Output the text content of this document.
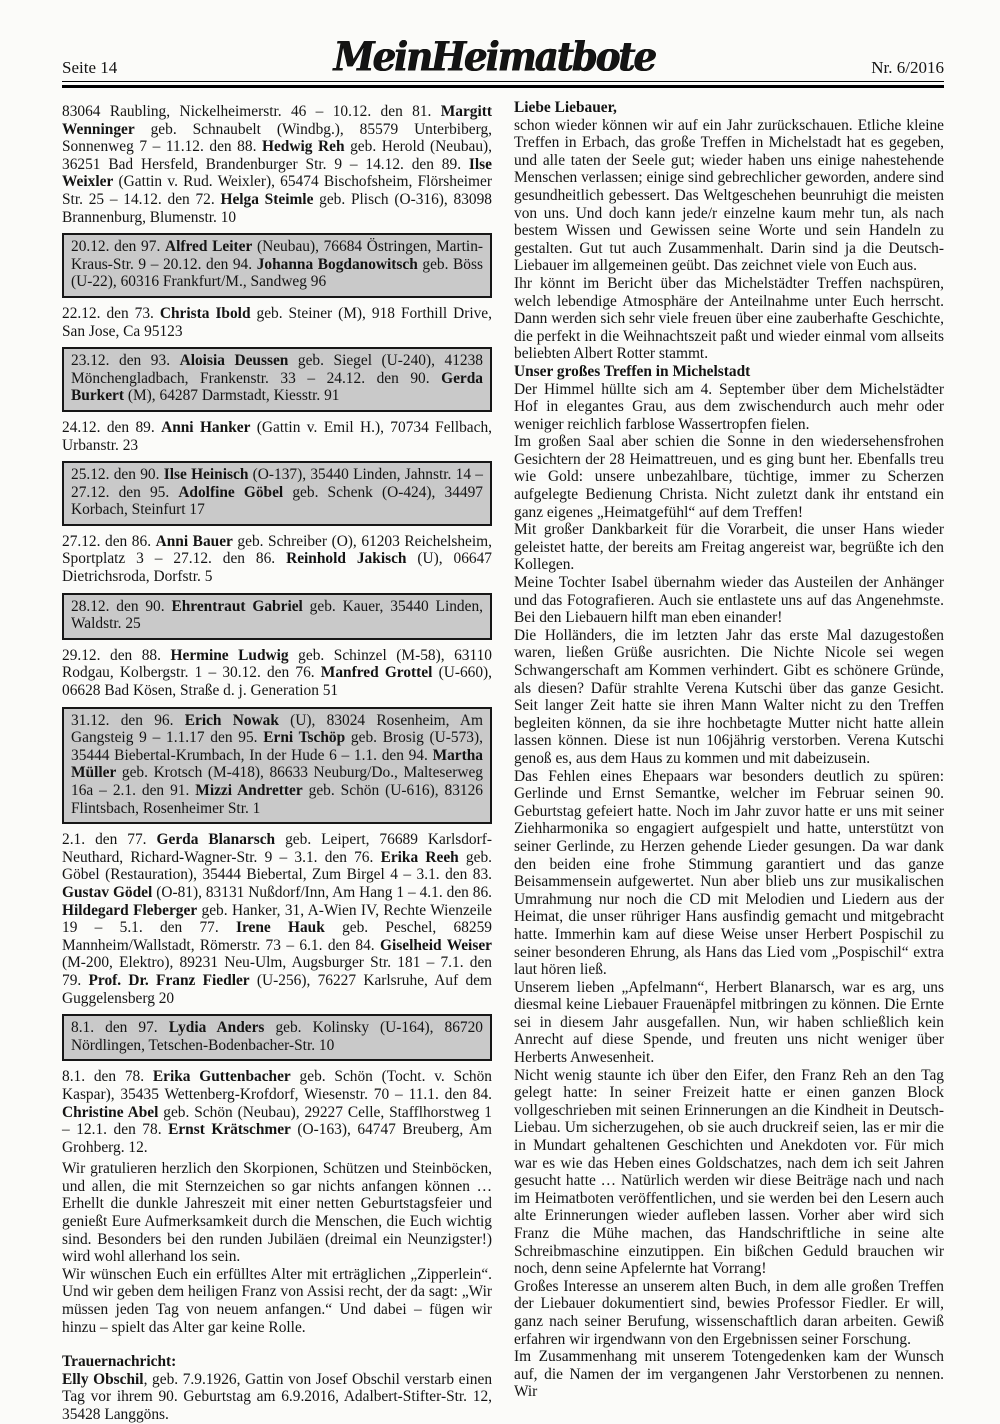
Seite 14	MeinHeimatbote	Nr. 6/2016

83064 Raubling, Nickelheimerstr. 46 – 10.12. den 81. Margitt Wenninger geb. Schnaubelt (Windbg.), 85579 Unterbiberg, Sonnenweg 7 – 11.12. den 88. Hedwig Reh geb. Herold (Neubau), 36251 Bad Hersfeld, Brandenburger Str. 9 – 14.12. den 89. Ilse Weixler (Gattin v. Rud. Weixler), 65474 Bischofsheim, Flörsheimer Str. 25 – 14.12. den 72. Helga Steimle geb. Plisch (O-316), 83098 Brannenburg, Blumenstr. 10

20.12. den 97. Alfred Leiter (Neubau), 76684 Östringen, Martin-Kraus-Str. 9 – 20.12. den 94. Johanna Bogdanowitsch geb. Böss (U-22), 60316 Frankfurt/M., Sandweg 96

22.12. den 73. Christa Ibold geb. Steiner (M), 918 Forthill Drive, San Jose, Ca 95123

23.12. den 93. Aloisia Deussen geb. Siegel (U-240), 41238 Mönchengladbach, Frankenstr. 33 – 24.12. den 90. Gerda Burkert (M), 64287 Darmstadt, Kiesstr. 91

24.12. den 89. Anni Hanker (Gattin v. Emil H.), 70734 Fellbach, Urbanstr. 23

25.12. den 90. Ilse Heinisch (O-137), 35440 Linden, Jahnstr. 14 – 27.12. den 95. Adolfine Göbel geb. Schenk (O-424), 34497 Korbach, Steinfurt 17

27.12. den 86. Anni Bauer geb. Schreiber (O), 61203 Reichelsheim, Sportplatz 3 – 27.12. den 86. Reinhold Jakisch (U), 06647 Dietrichsroda, Dorfstr. 5

28.12. den 90. Ehrentraut Gabriel geb. Kauer, 35440 Linden, Waldstr. 25

29.12. den 88. Hermine Ludwig geb. Schinzel (M-58), 63110 Rodgau, Kolbergstr. 1 – 30.12. den 76. Manfred Grottel (U-660), 06628 Bad Kösen, Straße d. j. Generation 51

31.12. den 96. Erich Nowak (U), 83024 Rosenheim, Am Gangsteig 9 – 1.1.17 den 95. Erni Tschöp geb. Brosig (U-573), 35444 Biebertal-Krumbach, In der Hude 6 – 1.1. den 94. Martha Müller geb. Krotsch (M-418), 86633 Neuburg/Do., Malteserweg 16a – 2.1. den 91. Mizzi Andretter geb. Schön (U-616), 83126 Flintsbach, Rosenheimer Str. 1

2.1. den 77. Gerda Blanarsch geb. Leipert, 76689 Karlsdorf-Neuthard, Richard-Wagner-Str. 9 – 3.1. den 76. Erika Reeh geb. Göbel (Restauration), 35444 Biebertal, Zum Birgel 4 – 3.1. den 83. Gustav Gödel (O-81), 83131 Nußdorf/Inn, Am Hang 1 – 4.1. den 86. Hildegard Fleberger geb. Hanker, 31, A-Wien IV, Rechte Wienzeile 19 – 5.1. den 77. Irene Hauk geb. Peschel, 68259 Mannheim/Wallstadt, Römerstr. 73 – 6.1. den 84. Giselheid Weiser (M-200, Elektro), 89231 Neu-Ulm, Augsburger Str. 181 – 7.1. den 79. Prof. Dr. Franz Fiedler (U-256), 76227 Karlsruhe, Auf dem Guggelensberg 20

8.1. den 97. Lydia Anders geb. Kolinsky (U-164), 86720 Nördlingen, Tetschen-Bodenbacher-Str. 10

8.1. den 78. Erika Guttenbacher geb. Schön (Tocht. v. Schön Kaspar), 35435 Wettenberg-Krofdorf, Wiesenstr. 70 – 11.1. den 84. Christine Abel geb. Schön (Neubau), 29227 Celle, Stafflhorstweg 1 – 12.1. den 78. Ernst Krätschmer (O-163), 64747 Breuberg, Am Grohberg. 12.

Wir gratulieren herzlich den Skorpionen, Schützen und Steinböcken, und allen, die mit Sternzeichen so gar nichts anfangen können … Erhellt die dunkle Jahreszeit mit einer netten Geburtstagsfeier und genießt Eure Aufmerksamkeit durch die Menschen, die Euch wichtig sind. Besonders bei den runden Jubiläen (dreimal ein Neunzigster!) wird wohl allerhand los sein.

Wir wünschen Euch ein erfülltes Alter mit erträglichen „Zipperlein“. Und wir geben dem heiligen Franz von Assisi recht, der da sagt: „Wir müssen jeden Tag von neuem anfangen.“ Und dabei – fügen wir hinzu – spielt das Alter gar keine Rolle.

Trauernachricht:

Elly Obschil, geb. 7.9.1926, Gattin von Josef Obschil verstarb einen Tag vor ihrem 90. Geburtstag am 6.9.2016, Adalbert-Stifter-Str. 12, 35428 Langgöns.

Liebe Liebauer,

schon wieder können wir auf ein Jahr zurückschauen. Etliche kleine Treffen in Erbach, das große Treffen in Michelstadt hat es gegeben, und alle taten der Seele gut; wieder haben uns einige nahestehende Menschen verlassen; einige sind gebrechlicher geworden, andere sind gesundheitlich gebessert. Das Weltgeschehen beunruhigt die meisten von uns. Und doch kann jede/r einzelne kaum mehr tun, als nach bestem Wissen und Gewissen seine Worte und sein Handeln zu gestalten. Gut tut auch Zusammenhalt. Darin sind ja die Deutsch-Liebauer im allgemeinen geübt. Das zeichnet viele von Euch aus.

Ihr könnt im Bericht über das Michelstädter Treffen nachspüren, welch lebendige Atmosphäre der Anteilnahme unter Euch herrscht. Dann werden sich sehr viele freuen über eine zauberhafte Geschichte, die perfekt in die Weihnachtszeit paßt und wieder einmal vom allseits beliebten Albert Rotter stammt.

Unser großes Treffen in Michelstadt

Der Himmel hüllte sich am 4. September über dem Michelstädter Hof in elegantes Grau, aus dem zwischendurch auch mehr oder weniger reichlich farblose Wassertropfen fielen.

Im großen Saal aber schien die Sonne in den wiedersehensfrohen Gesichtern der 28 Heimattreuen, und es ging bunt her. Ebenfalls treu wie Gold: unsere unbezahlbare, tüchtige, immer zu Scherzen aufgelegte Bedienung Christa. Nicht zuletzt dank ihr entstand ein ganz eigenes „Heimatgefühl“ auf dem Treffen!

Mit großer Dankbarkeit für die Vorarbeit, die unser Hans wieder geleistet hatte, der bereits am Freitag angereist war, begrüßte ich den Kollegen.

Meine Tochter Isabel übernahm wieder das Austeilen der Anhänger und das Fotografieren. Auch sie entlastete uns auf das Angenehmste. Bei den Liebauern hilft man eben einander!

Die Holländers, die im letzten Jahr das erste Mal dazugestoßen waren, ließen Grüße ausrichten. Die Nichte Nicole sei wegen Schwangerschaft am Kommen verhindert. Gibt es schönere Gründe, als diesen? Dafür strahlte Verena Kutschi über das ganze Gesicht. Seit langer Zeit hatte sie ihren Mann Walter nicht zu den Treffen begleiten können, da sie ihre hochbetagte Mutter nicht hatte allein lassen können. Diese ist nun 106jährig verstorben. Verena Kutschi genoß es, aus dem Haus zu kommen und mit dabeizusein.

Das Fehlen eines Ehepaars war besonders deutlich zu spüren: Gerlinde und Ernst Semantke, welcher im Februar seinen 90. Geburtstag gefeiert hatte. Noch im Jahr zuvor hatte er uns mit seiner Ziehharmonika so engagiert aufgespielt und hatte, unterstützt von seiner Gerlinde, zu Herzen gehende Lieder gesungen. Da war dank den beiden eine frohe Stimmung garantiert und das ganze Beisammensein aufgewertet. Nun aber blieb uns zur musikalischen Umrahmung nur noch die CD mit Melodien und Liedern aus der Heimat, die unser rühriger Hans ausfindig gemacht und mitgebracht hatte. Immerhin kam auf diese Weise unser Herbert Pospischil zu seiner besonderen Ehrung, als Hans das Lied vom „Pospischil“ extra laut hören ließ.

Unserem lieben „Apfelmann“, Herbert Blanarsch, war es arg, uns diesmal keine Liebauer Frauenäpfel mitbringen zu können. Die Ernte sei in diesem Jahr ausgefallen. Nun, wir haben schließlich kein Anrecht auf diese Spende, und freuten uns nicht weniger über Herberts Anwesenheit.

Nicht wenig staunte ich über den Eifer, den Franz Reh an den Tag gelegt hatte: In seiner Freizeit hatte er einen ganzen Block vollgeschrieben mit seinen Erinnerungen an die Kindheit in Deutsch-Liebau. Um sicherzugehen, ob sie auch druckreif seien, las er mir die in Mundart gehaltenen Geschichten und Anekdoten vor. Für mich war es wie das Heben eines Goldschatzes, nach dem ich seit Jahren gesucht hatte … Natürlich werden wir diese Beiträge nach und nach im Heimatboten veröffentlichen, und sie werden bei den Lesern auch alte Erinnerungen wieder aufleben lassen. Vorher aber wird sich Franz die Mühe machen, das Handschriftliche in seine alte Schreibmaschine einzutippen. Ein bißchen Geduld brauchen wir noch, denn seine Apfelernte hat Vorrang!

Großes Interesse an unserem alten Buch, in dem alle großen Treffen der Liebauer dokumentiert sind, bewies Professor Fiedler. Er will, ganz nach seiner Berufung, wissenschaftlich daran arbeiten. Gewiß erfahren wir irgendwann von den Ergebnissen seiner Forschung.

Im Zusammenhang mit unserem Totengedenken kam der Wunsch auf, die Namen der im vergangenen Jahr Verstorbenen zu nennen. Wir
